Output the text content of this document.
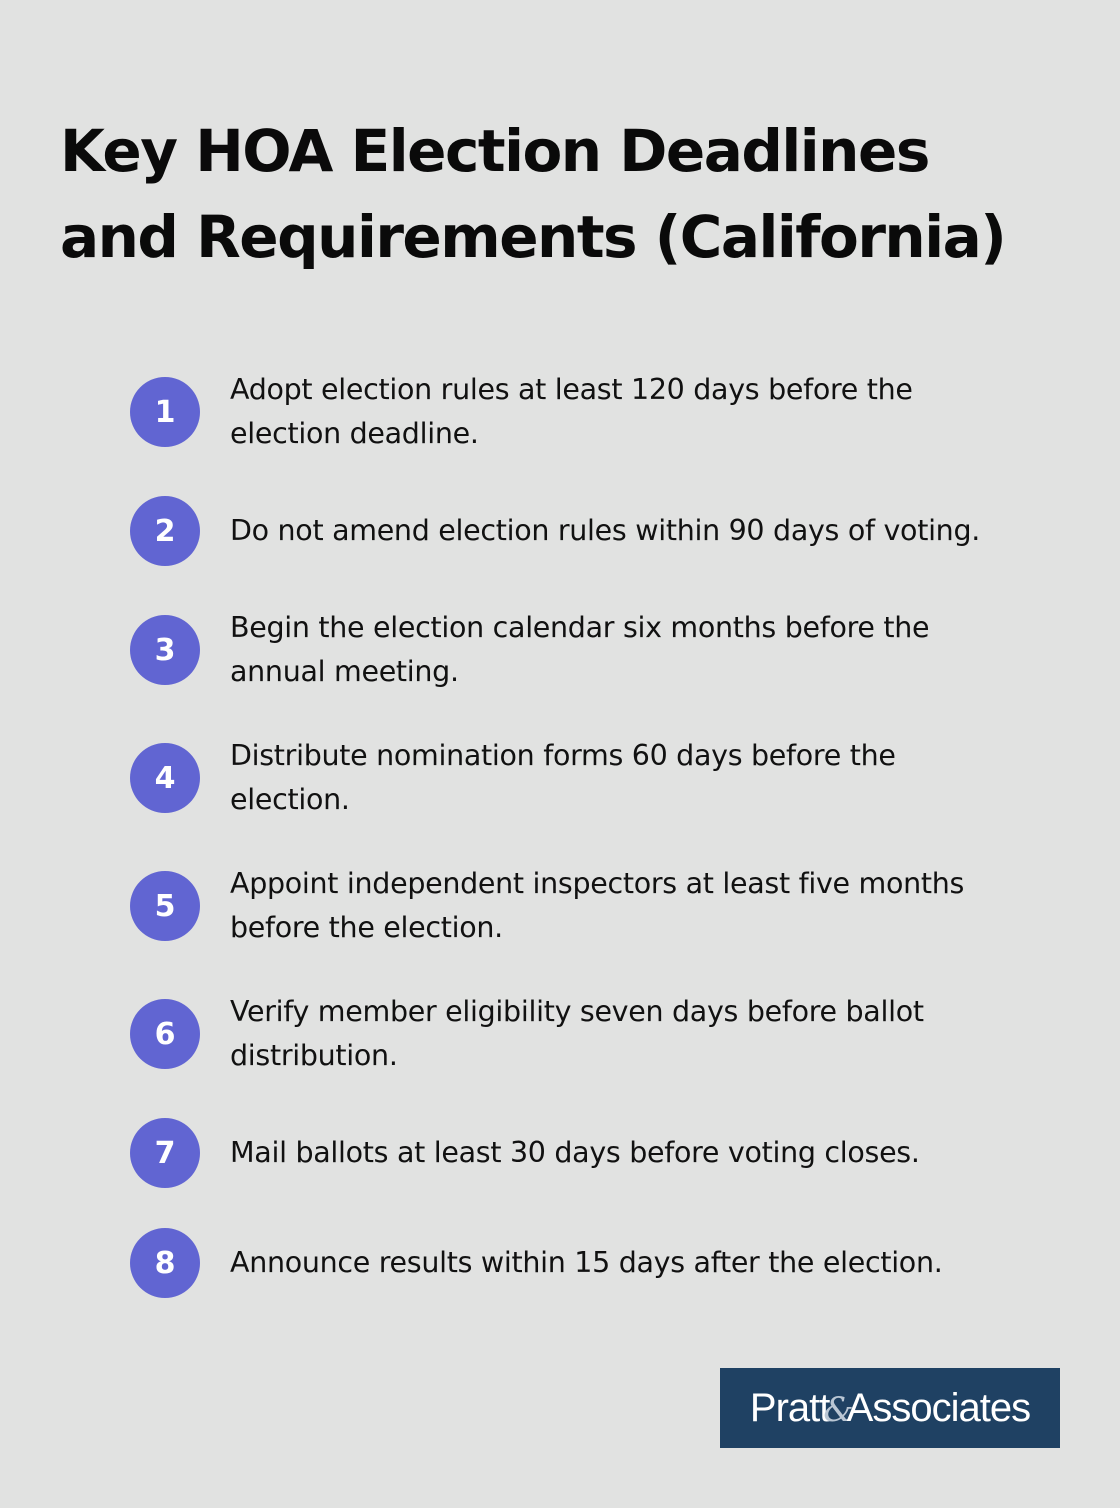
Key HOA Election Deadlines
and Requirements (California)
1
Adopt election rules at least 120 days before the election deadline.
2	Do not amend election rules within 90 days of voting.
3
Begin the election calendar six months before the annual meeting.
4
Distribute nomination forms 60 days before the election.
5
Appoint independent inspectors at least five months before the election.
6
Verify member eligibility seven days before ballot distribution.
7	Mail ballots at least 30 days before voting closes.
8	Announce results within 15 days after the election.
Pratt&Associates
